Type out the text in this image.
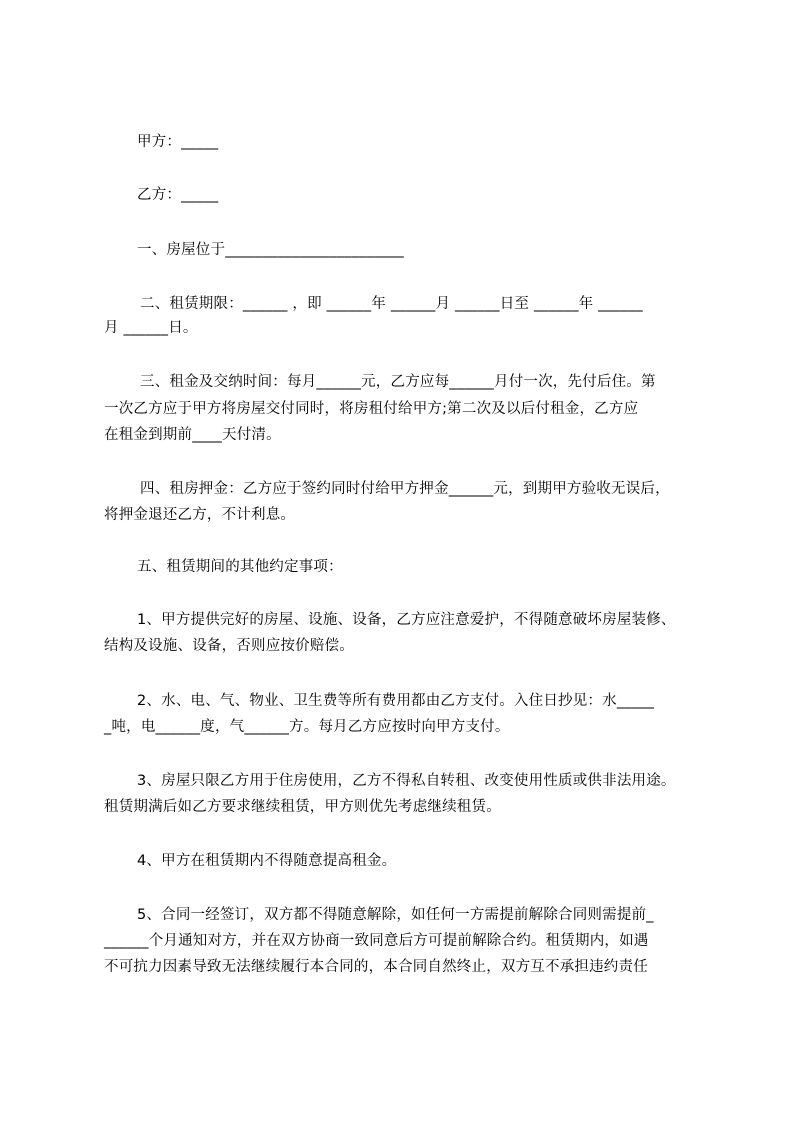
甲方：_____
乙方：_____
一、房屋位于________________________
二、租赁期限：______ ，即 ______年 ______月 ______日至 ______年 ______
月 ______日。
三、租金及交纳时间：每月______元，乙方应每______月付一次，先付后住。第
一次乙方应于甲方将房屋交付同时，将房租付给甲方;第二次及以后付租金，乙方应
在租金到期前____天付清。
四、租房押金：乙方应于签约同时付给甲方押金______元，到期甲方验收无误后，
将押金退还乙方，不计利息。
五、租赁期间的其他约定事项：
1、甲方提供完好的房屋、设施、设备，乙方应注意爱护，不得随意破坏房屋装修、
结构及设施、设备，否则应按价赔偿。
2、水、电、气、物业、卫生费等所有费用都由乙方支付。入住日抄见：水_____
_吨，电______度，气______方。每月乙方应按时向甲方支付。
3、房屋只限乙方用于住房使用，乙方不得私自转租、改变使用性质或供非法用途。
租赁期满后如乙方要求继续租赁，甲方则优先考虑继续租赁。
4、甲方在租赁期内不得随意提高租金。
5、合同一经签订，双方都不得随意解除，如任何一方需提前解除合同则需提前_
______个月通知对方，并在双方协商一致同意后方可提前解除合约。租赁期内，如遇
不可抗力因素导致无法继续履行本合同的，本合同自然终止，双方互不承担违约责任
